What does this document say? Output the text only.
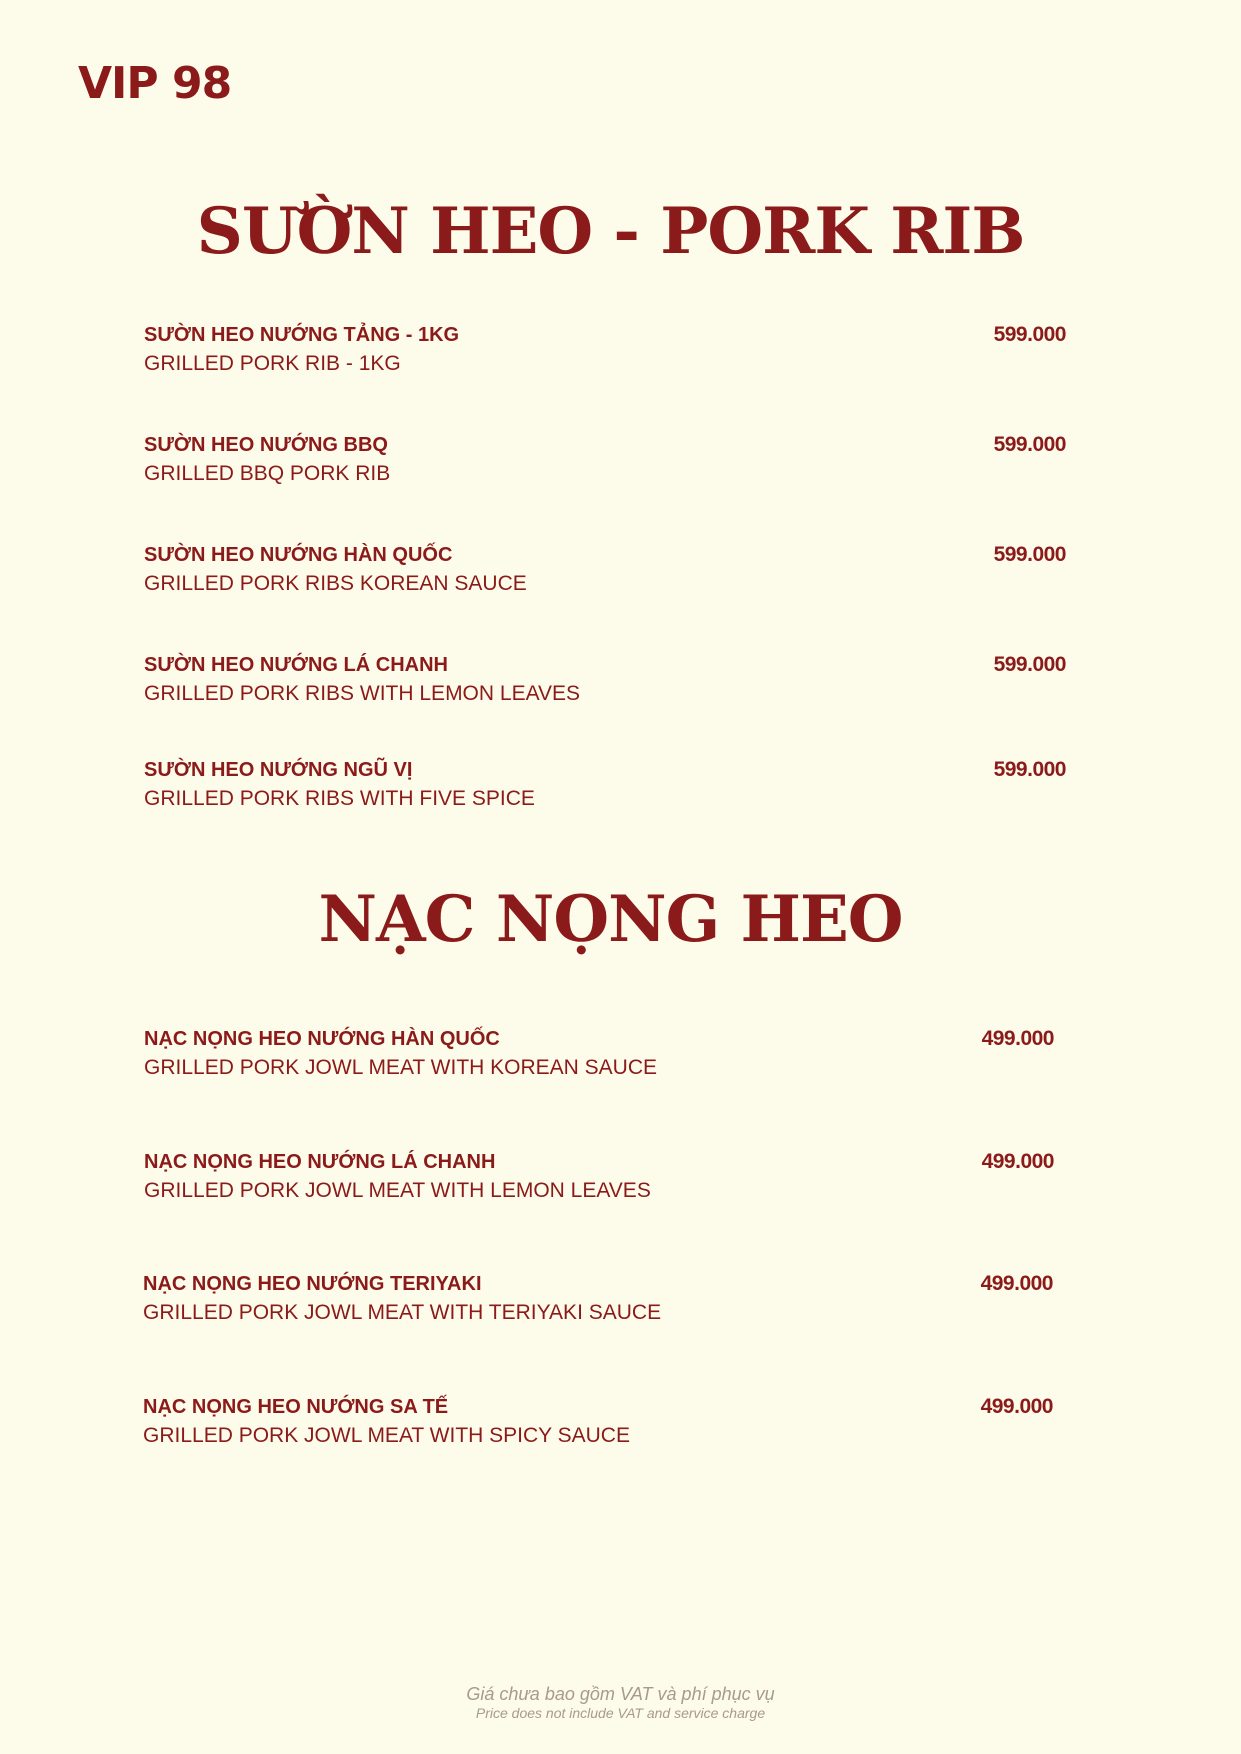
VIP 98
SƯỜN HEO - PORK RIB
SƯỜN HEO NƯỚNG TẢNG - 1KG
GRILLED PORK RIB - 1KG
599.000
SƯỜN HEO NƯỚNG BBQ
GRILLED BBQ PORK RIB
599.000
SƯỜN HEO NƯỚNG HÀN QUỐC
GRILLED PORK RIBS KOREAN SAUCE
599.000
SƯỜN HEO NƯỚNG LÁ CHANH
GRILLED PORK RIBS WITH LEMON LEAVES
599.000
SƯỜN HEO NƯỚNG NGŨ VỊ
GRILLED PORK RIBS WITH FIVE SPICE
599.000
NẠC NỌNG HEO
NẠC NỌNG HEO NƯỚNG HÀN QUỐC
GRILLED PORK JOWL MEAT WITH KOREAN SAUCE
499.000
NẠC NỌNG HEO NƯỚNG LÁ CHANH
GRILLED PORK JOWL MEAT WITH LEMON LEAVES
499.000
NẠC NỌNG HEO NƯỚNG TERIYAKI
GRILLED PORK JOWL MEAT WITH TERIYAKI SAUCE
499.000
NẠC NỌNG HEO NƯỚNG SA TẾ
GRILLED PORK JOWL MEAT WITH SPICY SAUCE
499.000
Giá chưa bao gồm VAT và phí phục vụ
Price does not include VAT and service charge
